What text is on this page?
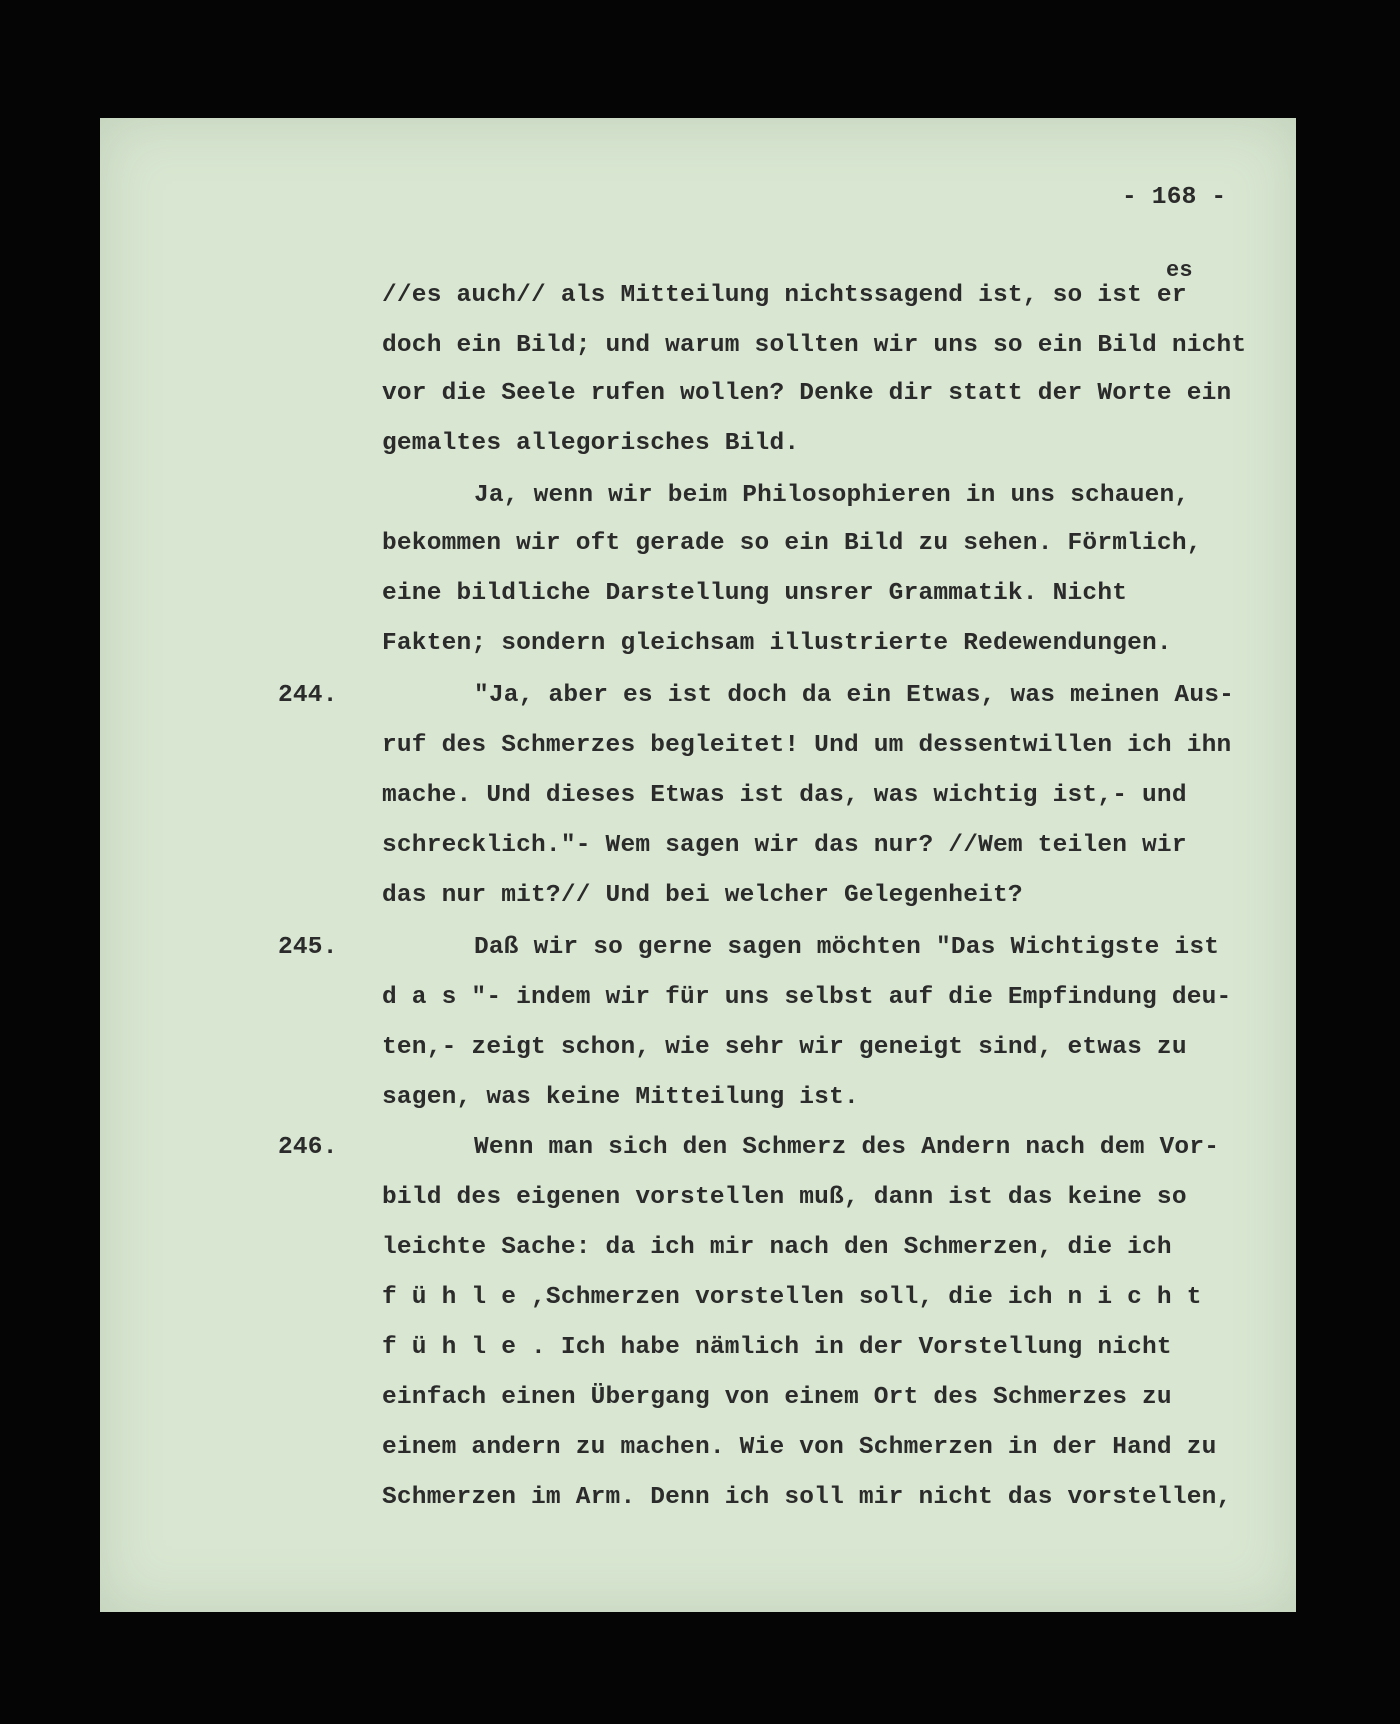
- 168 -
es
//es auch// als Mitteilung nichtssagend ist, so ist er
doch ein Bild; und warum sollten wir uns so ein Bild nicht
vor die Seele rufen wollen? Denke dir statt der Worte ein
gemaltes allegorisches Bild.
Ja, wenn wir beim Philosophieren in uns schauen,
bekommen wir oft gerade so ein Bild zu sehen. Förmlich,
eine bildliche Darstellung unsrer Grammatik. Nicht
Fakten; sondern gleichsam illustrierte Redewendungen.
244.	"Ja, aber es ist doch da ein Etwas, was meinen Aus-
ruf des Schmerzes begleitet! Und um dessentwillen ich ihn
mache. Und dieses Etwas ist das, was wichtig ist,- und
schrecklich."- Wem sagen wir das nur? //Wem teilen wir
das nur mit?// Und bei welcher Gelegenheit?
245.	Daß wir so gerne sagen möchten "Das Wichtigste ist
d a s "- indem wir für uns selbst auf die Empfindung deu-
ten,- zeigt schon, wie sehr wir geneigt sind, etwas zu
sagen, was keine Mitteilung ist.
246.	Wenn man sich den Schmerz des Andern nach dem Vor-
bild des eigenen vorstellen muß, dann ist das keine so
leichte Sache: da ich mir nach den Schmerzen, die ich
f ü h l e ,Schmerzen vorstellen soll, die ich n i c h t
f ü h l e . Ich habe nämlich in der Vorstellung nicht
einfach einen Übergang von einem Ort des Schmerzes zu
einem andern zu machen. Wie von Schmerzen in der Hand zu
Schmerzen im Arm. Denn ich soll mir nicht das vorstellen,
